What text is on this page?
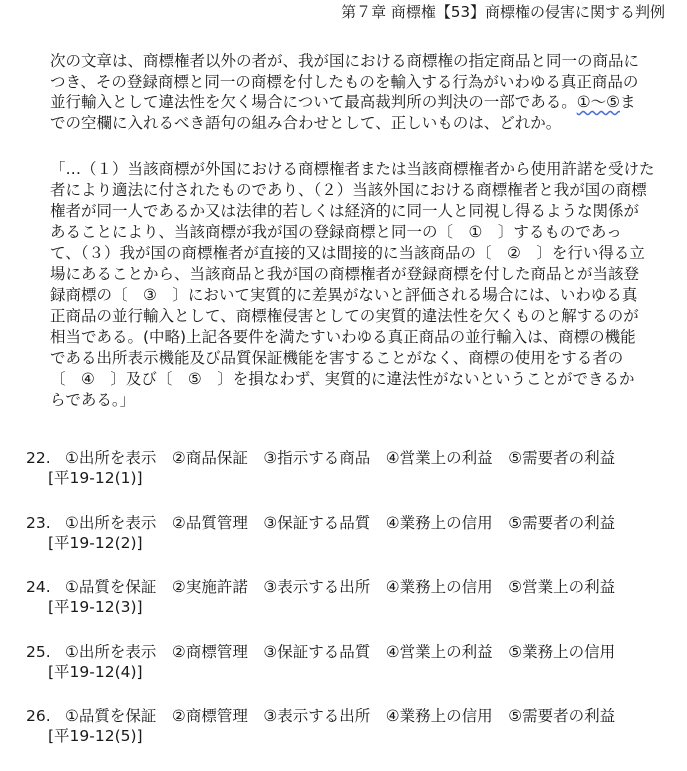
第７章 商標権【53】商標権の侵害に関する判例

次の文章は、商標権者以外の者が、我が国における商標権の指定商品と同一の商品に
つき、その登録商標と同一の商標を付したものを輸入する行為がいわゆる真正商品の
並行輸入として違法性を欠く場合について最高裁判所の判決の一部である。①〜⑤ま
での空欄に入れるべき語句の組み合わせとして、正しいものは、どれか。

「…（１）当該商標が外国における商標権者または当該商標権者から使用許諾を受けた
者により適法に付されたものであり、（２）当該外国における商標権者と我が国の商標
権者が同一人であるか又は法律的若しくは経済的に同一人と同視し得るような関係が
あることにより、当該商標が我が国の登録商標と同一の〔　①　〕するものであっ
て、（３）我が国の商標権者が直接的又は間接的に当該商品の〔　②　〕を行い得る立
場にあることから、当該商品と我が国の商標権者が登録商標を付した商品とが当該登
録商標の〔　③　〕において実質的に差異がないと評価される場合には、いわゆる真
正商品の並行輸入として、商標権侵害としての実質的違法性を欠くものと解するのが
相当である。(中略)上記各要件を満たすいわゆる真正商品の並行輸入は、商標の機能
である出所表示機能及び品質保証機能を害することがなく、商標の使用をする者の
〔　④　〕及び〔　⑤　〕を損なわず、実質的に違法性がないということができるか
らである。」

22. ①出所を表示　 ②商品保証　 ③指示する商品　 ④営業上の利益　 ⑤需要者の利益
[平19-12(1)]
23. ①出所を表示　 ②品質管理　 ③保証する品質　 ④業務上の信用　 ⑤需要者の利益
[平19-12(2)]
24. ①品質を保証　 ②実施許諾　 ③表示する出所　 ④業務上の信用　 ⑤営業上の利益
[平19-12(3)]
25. ①出所を表示　 ②商標管理　 ③保証する品質　 ④営業上の利益　 ⑤業務上の信用
[平19-12(4)]
26. ①品質を保証　 ②商標管理　 ③表示する出所　 ④業務上の信用　 ⑤需要者の利益
[平19-12(5)]
